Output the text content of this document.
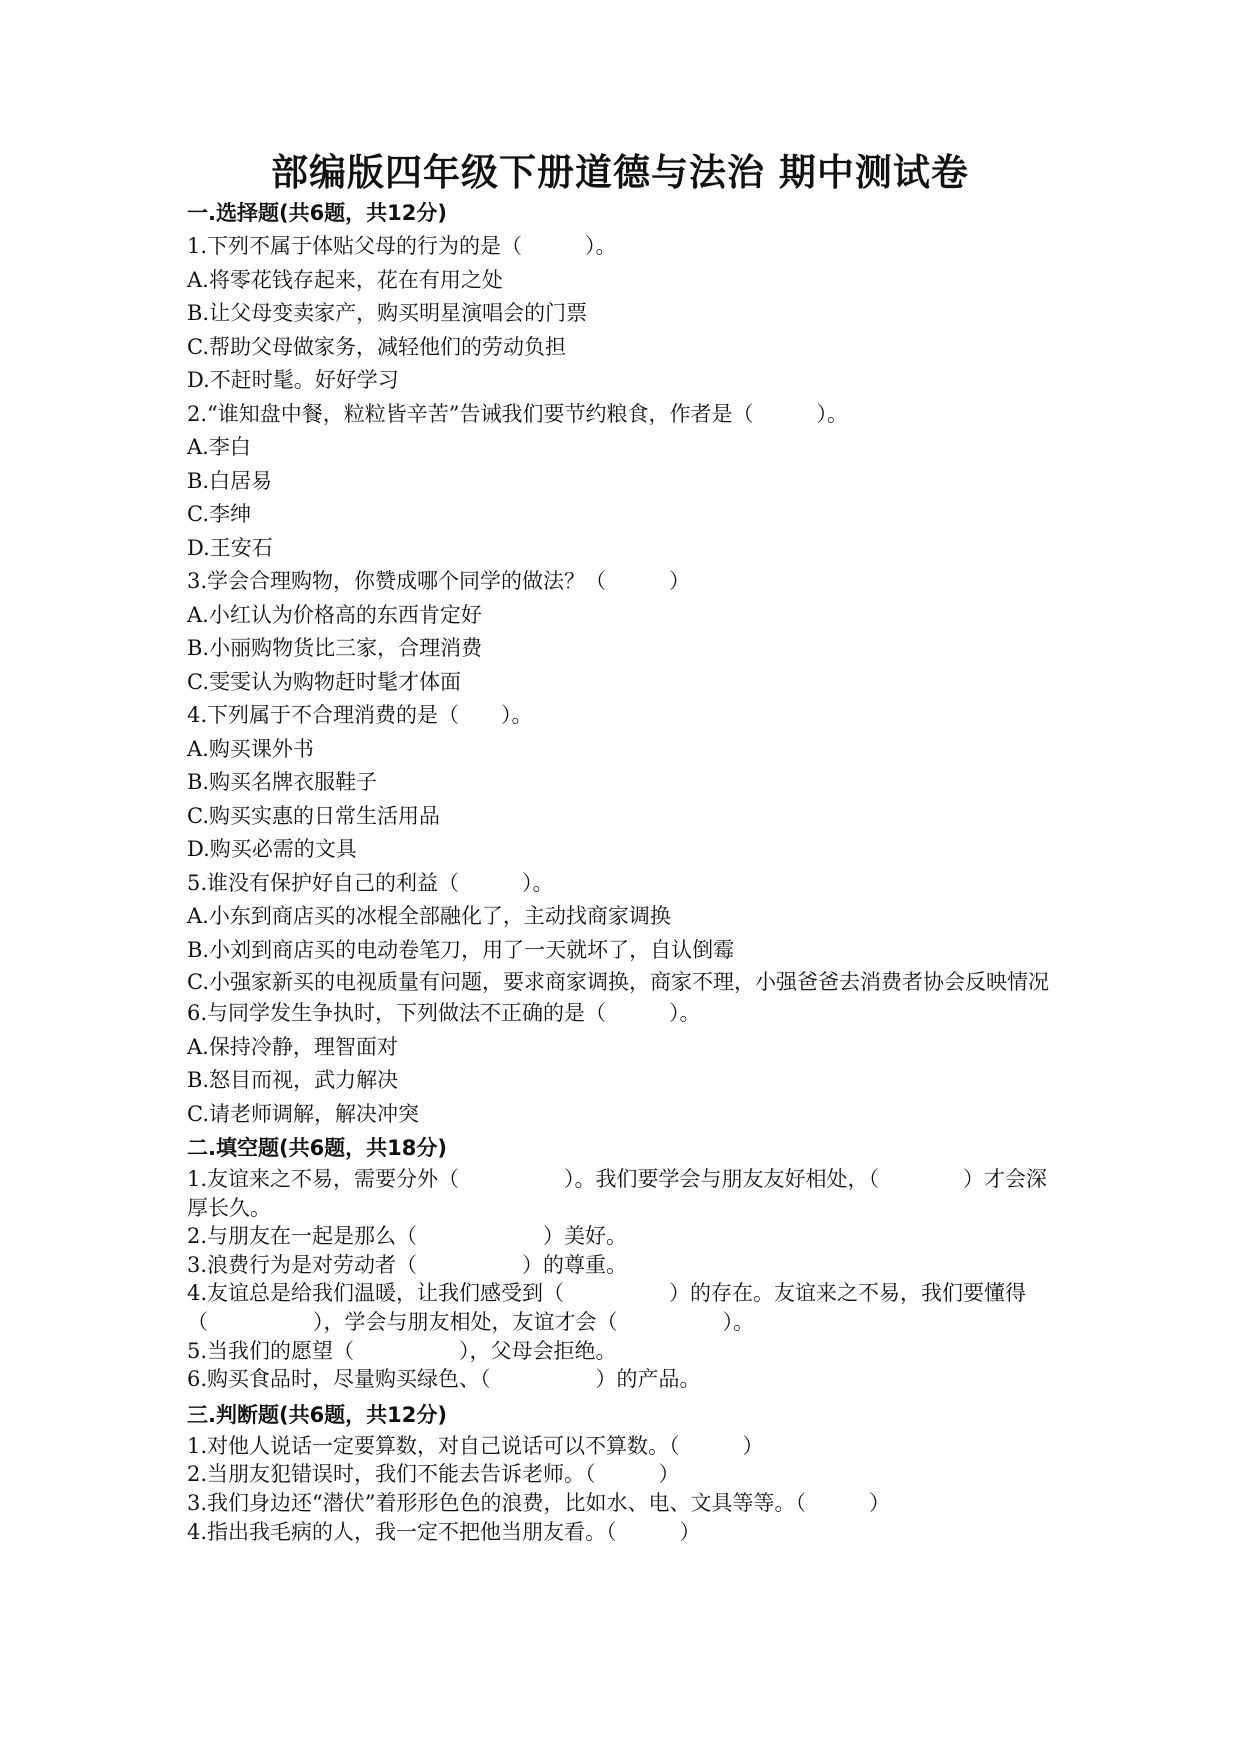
部编版四年级下册道德与法治 期中测试卷
一.选择题(共6题，共12分)
1.下列不属于体贴父母的行为的是（　　　）。
A.将零花钱存起来，花在有用之处
B.让父母变卖家产，购买明星演唱会的门票
C.帮助父母做家务，减轻他们的劳动负担
D.不赶时髦。好好学习
2.“谁知盘中餐，粒粒皆辛苦”告诫我们要节约粮食，作者是（　　　）。
A.李白
B.白居易
C.李绅
D.王安石
3.学会合理购物，你赞成哪个同学的做法？（　　　）
A.小红认为价格高的东西肯定好
B.小丽购物货比三家，合理消费
C.雯雯认为购物赶时髦才体面
4.下列属于不合理消费的是（　　）。
A.购买课外书
B.购买名牌衣服鞋子
C.购买实惠的日常生活用品
D.购买必需的文具
5.谁没有保护好自己的利益（　　　）。
A.小东到商店买的冰棍全部融化了，主动找商家调换
B.小刘到商店买的电动卷笔刀，用了一天就坏了，自认倒霉
C.小强家新买的电视质量有问题，要求商家调换，商家不理，小强爸爸去消费者协会反映情况
6.与同学发生争执时，下列做法不正确的是（　　　）。
A.保持冷静，理智面对
B.怒目而视，武力解决
C.请老师调解，解决冲突
二.填空题(共6题，共18分)
1.友谊来之不易，需要分外（　　　　　）。我们要学会与朋友友好相处，（　　　　）才会深厚长久。
2.与朋友在一起是那么（　　　　　　）美好。
3.浪费行为是对劳动者（　　　　　）的尊重。
4.友谊总是给我们温暖，让我们感受到（　　　　　）的存在。友谊来之不易，我们要懂得（　　　　　），学会与朋友相处，友谊才会（　　　　　）。
5.当我们的愿望（　　　　　），父母会拒绝。
6.购买食品时，尽量购买绿色、（　　　　　）的产品。
三.判断题(共6题，共12分)
1.对他人说话一定要算数，对自己说话可以不算数。（　　　）
2.当朋友犯错误时，我们不能去告诉老师。（　　　）
3.我们身边还“潜伏”着形形色色的浪费，比如水、电、文具等等。（　　　）
4.指出我毛病的人，我一定不把他当朋友看。（　　　）
